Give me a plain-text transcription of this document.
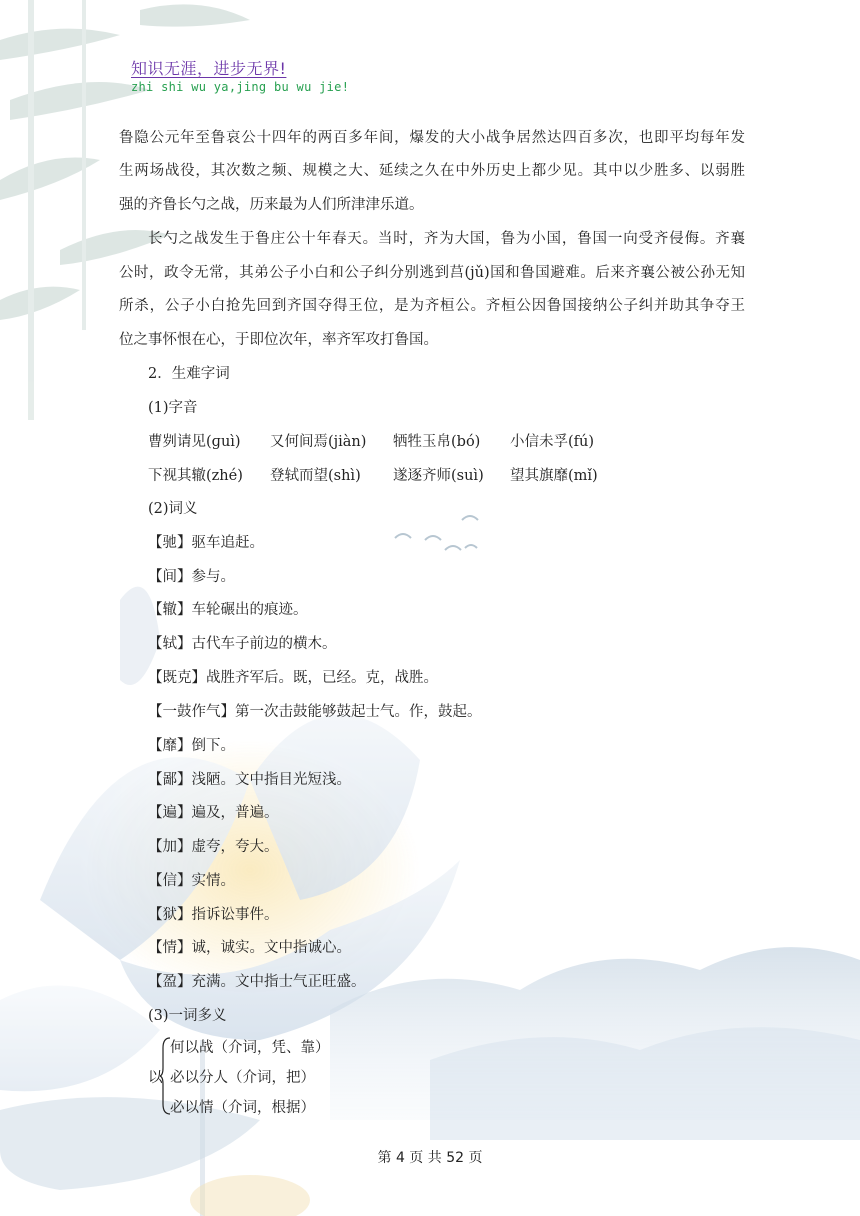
知识无涯，进步无界!
zhi shi wu ya,jing bu wu jie!
鲁隐公元年至鲁哀公十四年的两百多年间，爆发的大小战争居然达四百多次，也即平均每年发
生两场战役，其次数之频、规模之大、延续之久在中外历史上都少见。其中以少胜多、以弱胜
强的齐鲁长勺之战，历来最为人们所津津乐道。
长勺之战发生于鲁庄公十年春天。当时，齐为大国，鲁为小国，鲁国一向受齐侵侮。齐襄
公时，政令无常，其弟公子小白和公子纠分别逃到莒(jǔ)国和鲁国避难。后来齐襄公被公孙无知
所杀，公子小白抢先回到齐国夺得王位，是为齐桓公。齐桓公因鲁国接纳公子纠并助其争夺王
位之事怀恨在心，于即位次年，率齐军攻打鲁国。
2．生难字词
(1)字音
曹刿请见(ɡuì) 又何间焉(jiàn) 牺牲玉帛(bó) 小信未孚(fú)
下视其辙(zhé) 登轼而望(shì) 遂逐齐师(suì) 望其旗靡(mǐ)
(2)词义
【驰】驱车追赶。
【间】参与。
【辙】车轮碾出的痕迹。
【轼】古代车子前边的横木。
【既克】战胜齐军后。既，已经。克，战胜。
【一鼓作气】第一次击鼓能够鼓起士气。作，鼓起。
【靡】倒下。
【鄙】浅陋。文中指目光短浅。
【遍】遍及，普遍。
【加】虚夸，夸大。
【信】实情。
【狱】指诉讼事件。
【情】诚，诚实。文中指诚心。
【盈】充满。文中指士气正旺盛。
(3)一词多义
以
何以战（介词，凭、靠）
必以分人（介词，把）
必以情（介词，根据）
第 4 页 共 52 页
